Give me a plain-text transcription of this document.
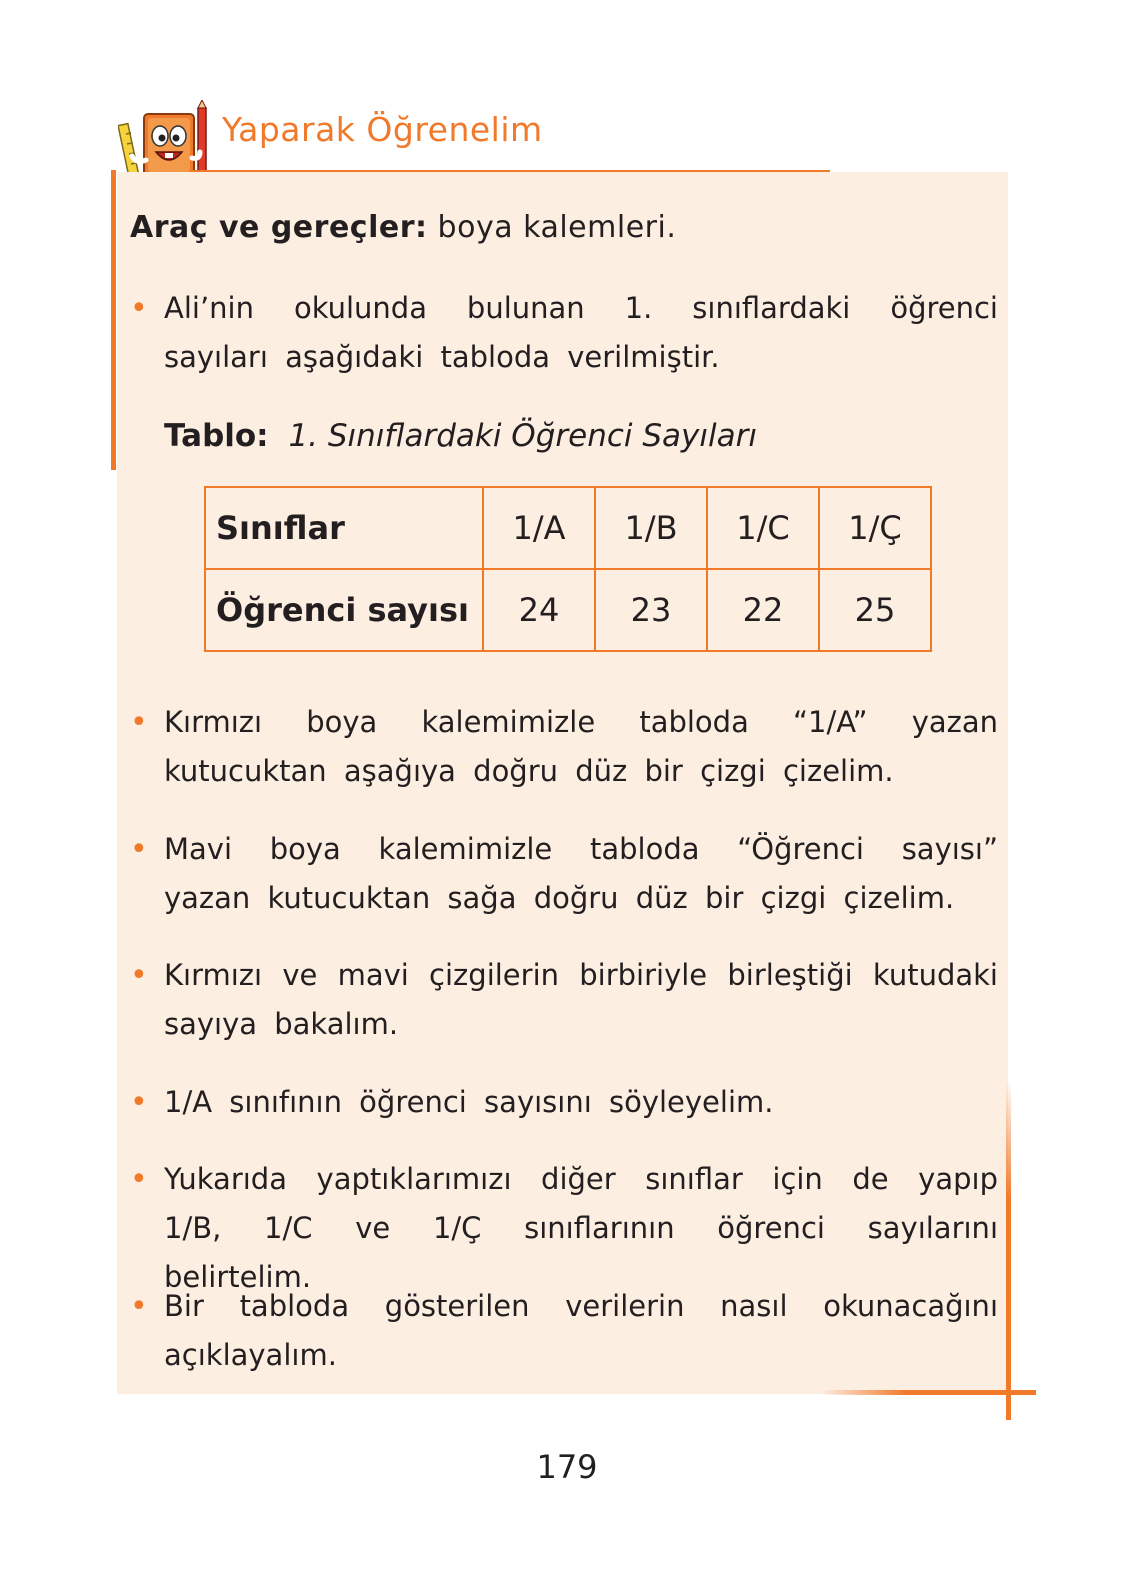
Yaparak Öğrenelim
Araç ve gereçler: boya kalemleri.
• Ali’nin okulunda bulunan 1. sınıflardaki öğrenci sayıları aşağıdaki tabloda verilmiştir.
Tablo: 1. Sınıflardaki Öğrenci Sayıları
Sınıflar	1/A	1/B	1/C	1/Ç
Öğrenci sayısı	24	23	22	25
• Kırmızı boya kalemimizle tabloda “1/A” yazan kutucuktan aşağıya doğru düz bir çizgi çizelim.
• Mavi boya kalemimizle tabloda “Öğrenci sayısı” yazan kutucuktan sağa doğru düz bir çizgi çizelim.
• Kırmızı ve mavi çizgilerin birbiriyle birleştiği kutudaki sayıya bakalım.
• 1/A sınıfının öğrenci sayısını söyleyelim.
• Yukarıda yaptıklarımızı diğer sınıflar için de yapıp 1/B, 1/C ve 1/Ç sınıflarının öğrenci sayılarını belirtelim.
• Bir tabloda gösterilen verilerin nasıl okunacağını açıklayalım.
179
